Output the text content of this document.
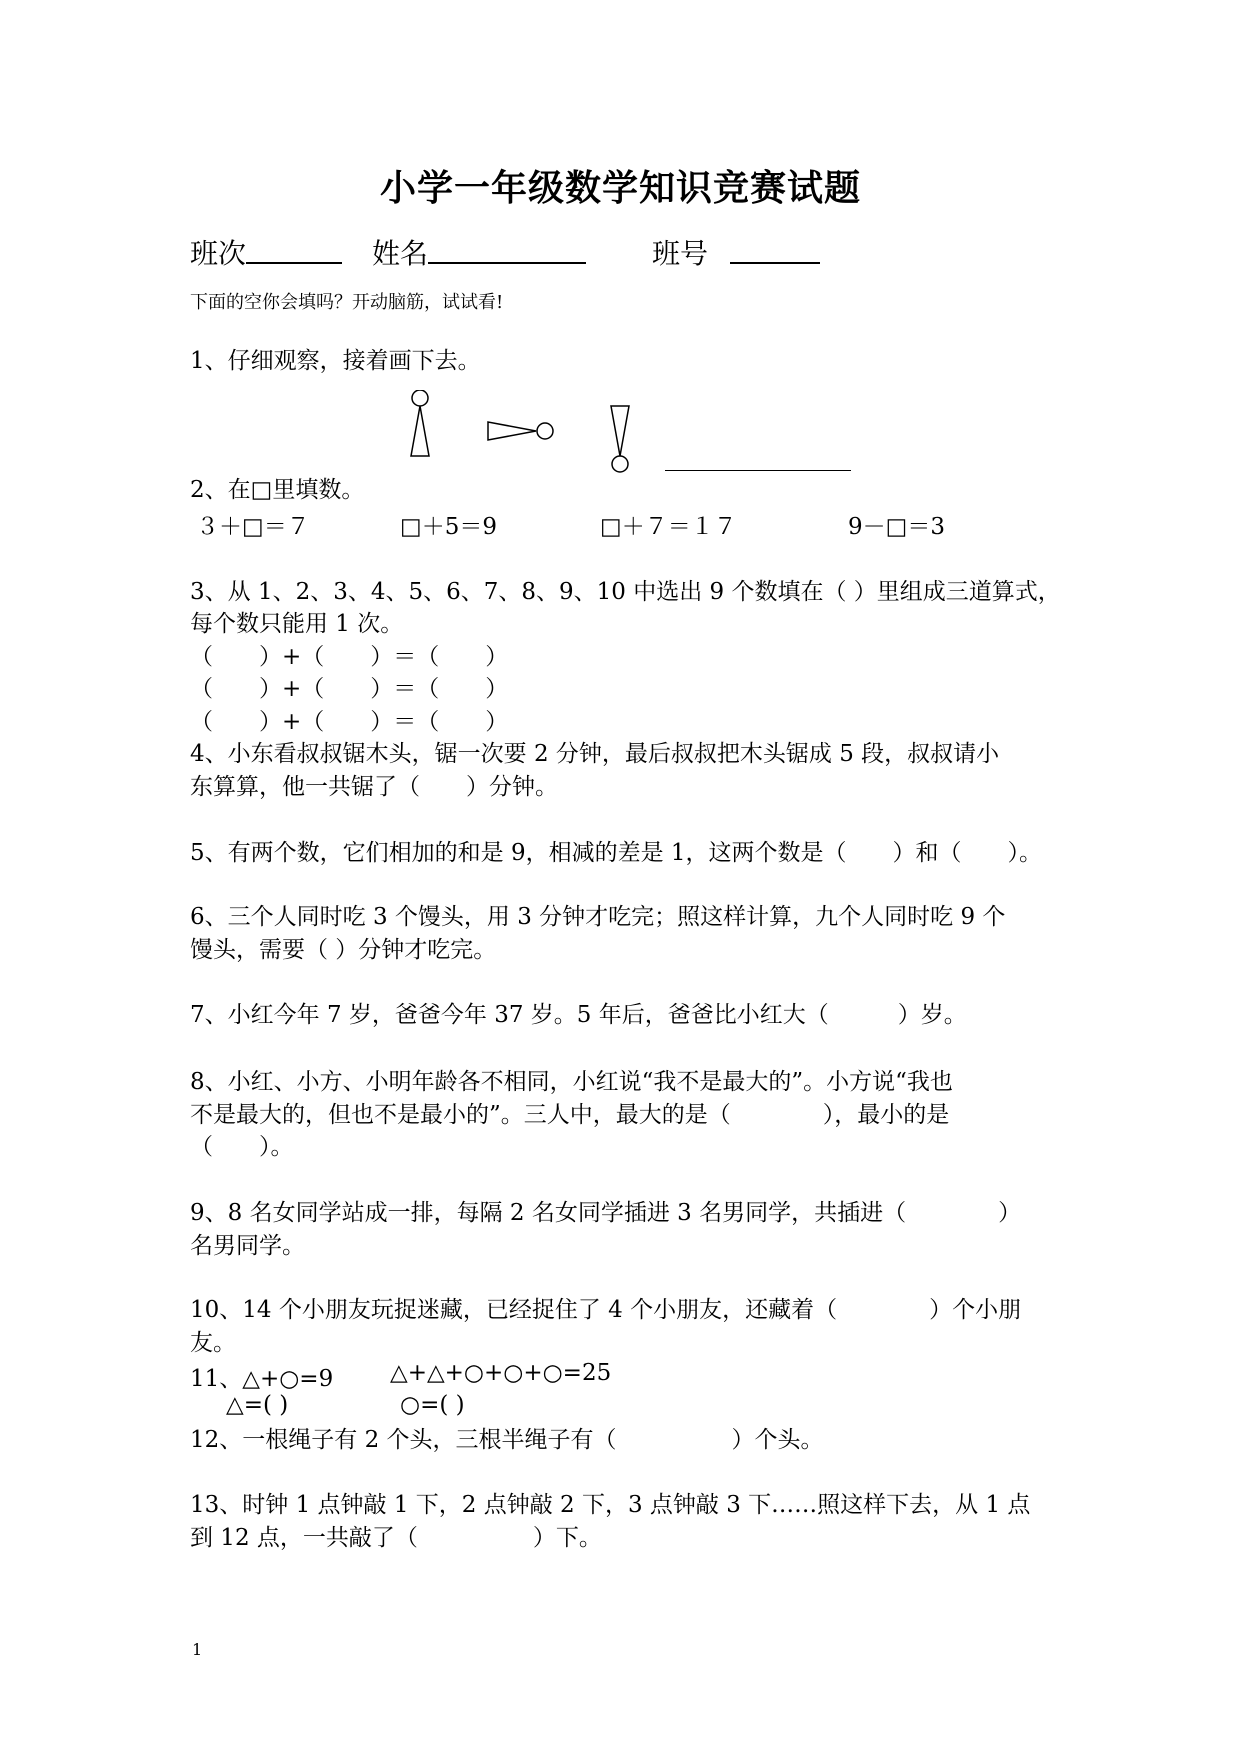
小学一年级数学知识竞赛试题
班次	姓名	班号
下面的空你会填吗？开动脑筋，试试看!
1、仔细观察，接着画下去。
2、在□里填数。
３＋□＝７	□＋5＝9	□＋７＝１７	9－□＝3
3、从 1、2、3、4、5、6、7、8、9、10 中选出 9 个数填在（ ）里组成三道算式，
每个数只能用 1 次。
（　　）+（　　）＝（　　）
（　　）+（　　）＝（　　）
（　　）+（　　）＝（　　）
4、小东看叔叔锯木头，锯一次要 2 分钟，最后叔叔把木头锯成 5 段，叔叔请小
东算算，他一共锯了（　　）分钟。
5、有两个数，它们相加的和是 9，相减的差是 1，这两个数是（　　）和（　　）。
6、三个人同时吃 3 个馒头，用 3 分钟才吃完；照这样计算，九个人同时吃 9 个
馒头，需要（ ）分钟才吃完。
7、小红今年 7 岁，爸爸今年 37 岁。5 年后，爸爸比小红大（　　　）岁。
8、小红、小方、小明年龄各不相同，小红说“我不是最大的”。小方说“我也
不是最大的，但也不是最小的”。三人中，最大的是（　　　　），最小的是
（　　）。
9、8 名女同学站成一排，每隔 2 名女同学插进 3 名男同学，共插进（　　　　）
名男同学。
10、14 个小朋友玩捉迷藏，已经捉住了 4 个小朋友，还藏着（　　　　）个小朋
友。
11、△+○=9 △+△+○+○+○=25
△=( )	○=( )
12、一根绳子有 2 个头，三根半绳子有（　　　　　）个头。
13、时钟 1 点钟敲 1 下，2 点钟敲 2 下，3 点钟敲 3 下……照这样下去，从 1 点
到 12 点，一共敲了（　　　　　）下。
1
